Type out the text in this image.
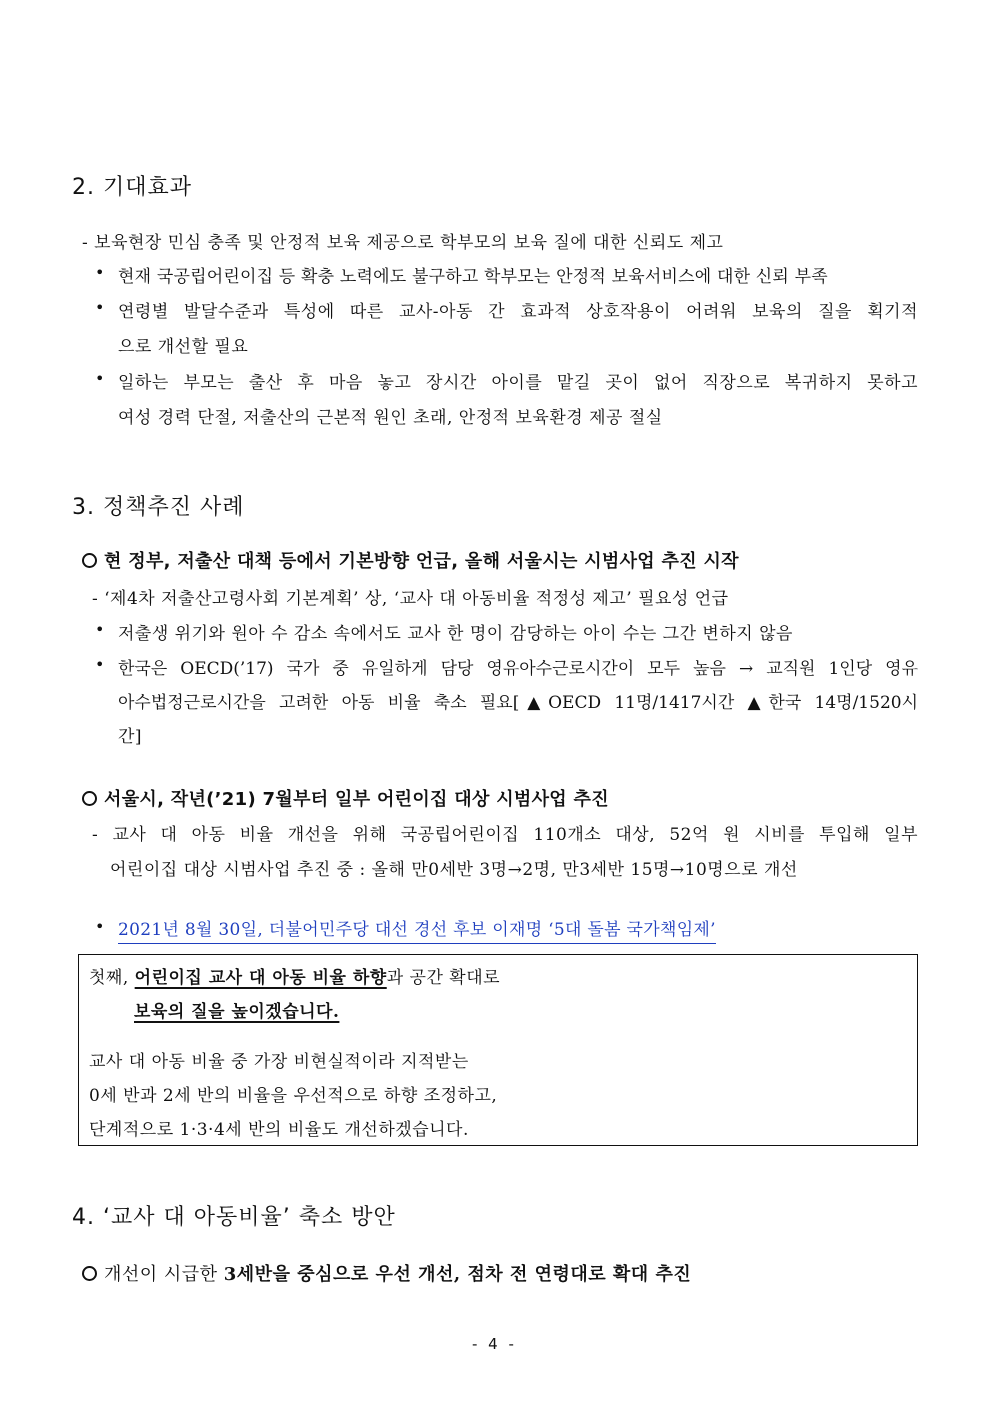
2. 기대효과
- 보육현장 민심 충족 및 안정적 보육 제공으로 학부모의 보육 질에 대한 신뢰도 제고
• 현재 국공립어린이집 등 확충 노력에도 불구하고 학부모는 안정적 보육서비스에 대한 신뢰 부족
• 연령별 발달수준과 특성에 따른 교사-아동 간 효과적 상호작용이 어려워 보육의 질을 획기적
으로 개선할 필요
• 일하는 부모는 출산 후 마음 놓고 장시간 아이를 맡길 곳이 없어 직장으로 복귀하지 못하고
여성 경력 단절, 저출산의 근본적 원인 초래, 안정적 보육환경 제공 절실
3. 정책추진 사례
현 정부, 저출산 대책 등에서 기본방향 언급, 올해 서울시는 시범사업 추진 시작
- ‘제4차 저출산고령사회 기본계획’ 상, ‘교사 대 아동비율 적정성 제고’ 필요성 언급
• 저출생 위기와 원아 수 감소 속에서도 교사 한 명이 감당하는 아이 수는 그간 변하지 않음
• 한국은 OECD(’17) 국가 중 유일하게 담당 영유아수근로시간이 모두 높음 → 교직원 1인당 영유
아수법정근로시간을 고려한 아동 비율 축소 필요[▲OECD 11명/1417시간 ▲한국 14명/1520시
간]
서울시, 작년(’21) 7월부터 일부 어린이집 대상 시범사업 추진
- 교사 대 아동 비율 개선을 위해 국공립어린이집 110개소 대상, 52억 원 시비를 투입해 일부
어린이집 대상 시범사업 추진 중 : 올해 만0세반 3명→2명, 만3세반 15명→10명으로 개선
• 2021년 8월 30일, 더불어민주당 대선 경선 후보 이재명 ‘5대 돌봄 국가책임제’
첫째, 어린이집 교사 대 아동 비율 하향과 공간 확대로
보육의 질을 높이겠습니다.
교사 대 아동 비율 중 가장 비현실적이라 지적받는
0세 반과 2세 반의 비율을 우선적으로 하향 조정하고,
단계적으로 1·3·4세 반의 비율도 개선하겠습니다.
4. ‘교사 대 아동비율’ 축소 방안
개선이 시급한 3세반을 중심으로 우선 개선, 점차 전 연령대로 확대 추진
- 4 -
